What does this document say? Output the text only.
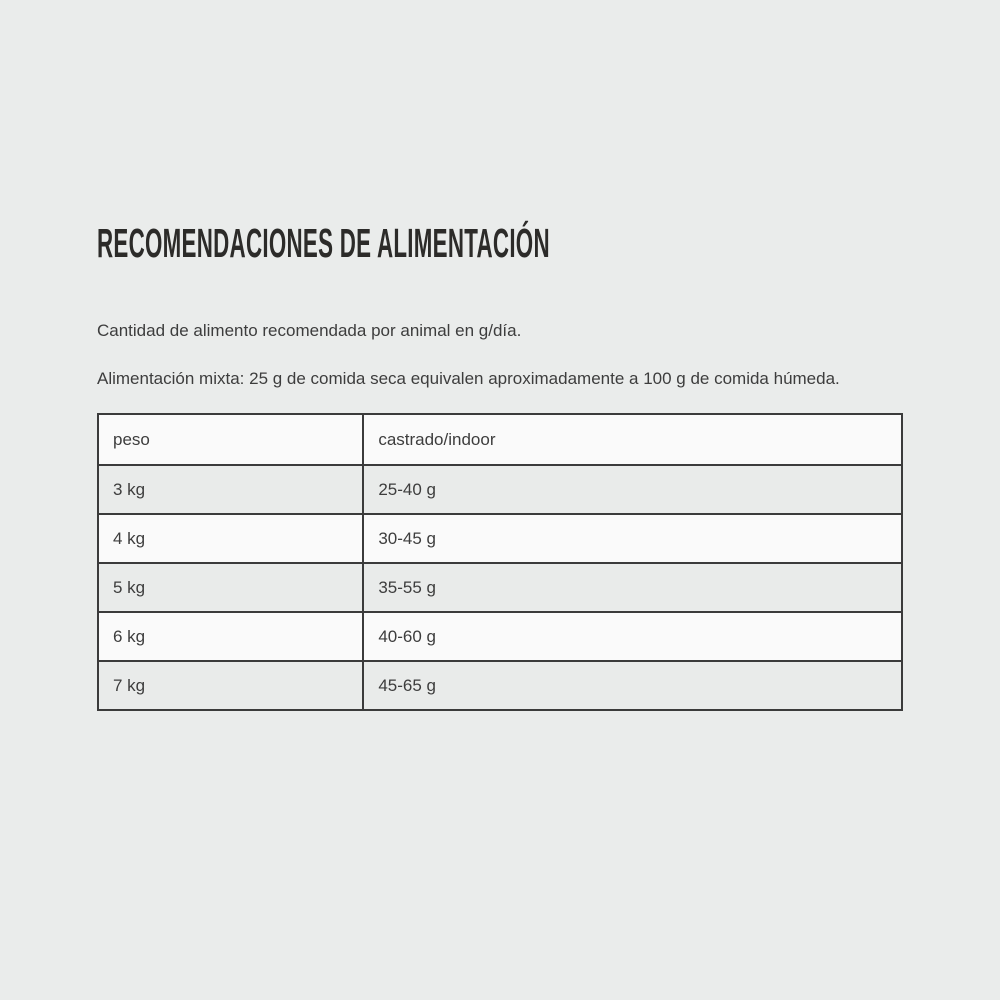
RECOMENDACIONES DE ALIMENTACIÓN

Cantidad de alimento recomendada por animal en g/día.

Alimentación mixta: 25 g de comida seca equivalen aproximadamente a 100 g de comida húmeda.

peso	castrado/indoor
3 kg	25-40 g
4 kg	30-45 g
5 kg	35-55 g
6 kg	40-60 g
7 kg	45-65 g
